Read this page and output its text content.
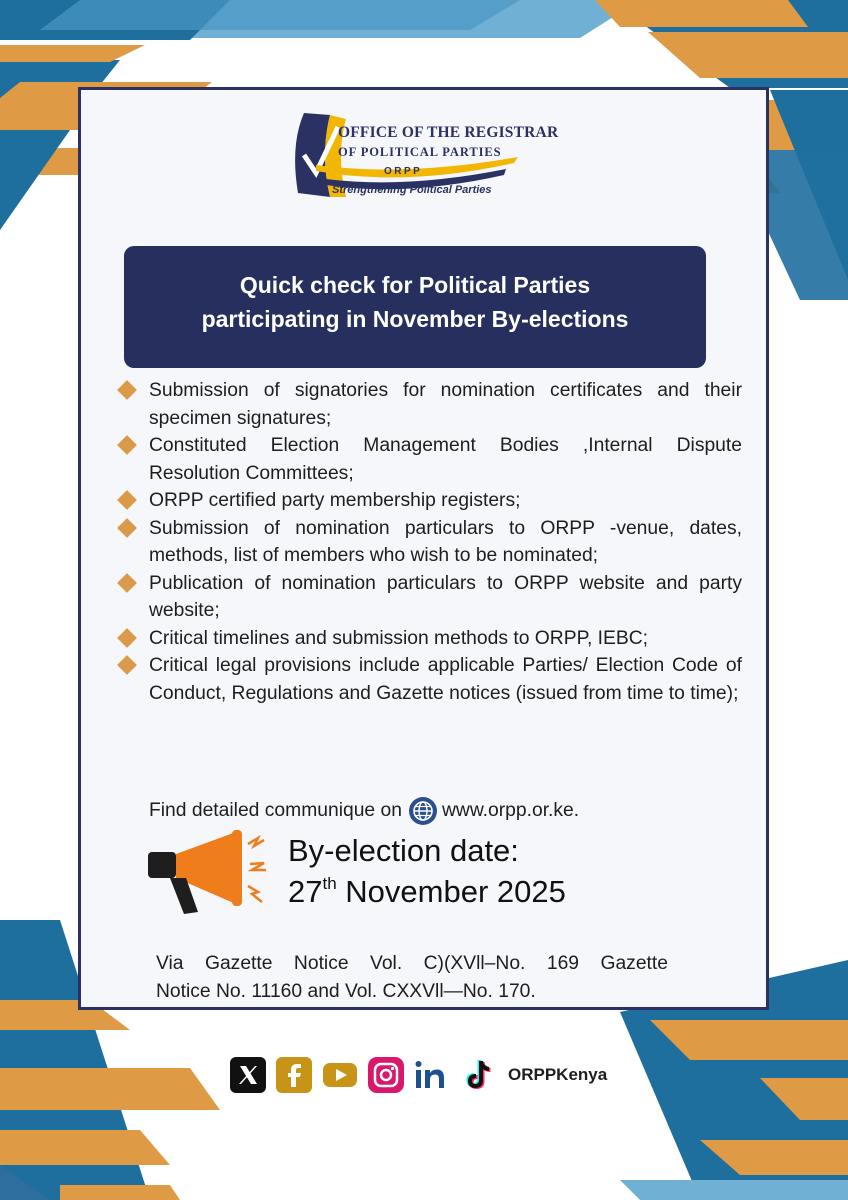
OFFICE OF THE REGISTRAR
OF POLITICAL PARTIES
ORPP
Strengthening Political Parties
Quick check for Political Parties
participating in November By-elections
Submission of signatories for nomination certificates and their specimen signatures;
Constituted Election Management Bodies ,Internal Dispute Resolution Committees;
ORPP certified party membership registers;
Submission of nomination particulars to ORPP -venue, dates, methods, list of members who wish to be nominated;
Publication of nomination particulars to ORPP website and party website;
Critical timelines and submission methods to ORPP, IEBC;
Critical legal provisions include applicable Parties/ Election Code of Conduct, Regulations and Gazette notices (issued from time to time);
Find detailed communique on www.orpp.or.ke.
By-election date:
27th November 2025
Via Gazette Notice Vol. C)(XVll–No. 169 Gazette
Notice No. 11160 and Vol. CXXVll—No. 170.
ORPPKenya
